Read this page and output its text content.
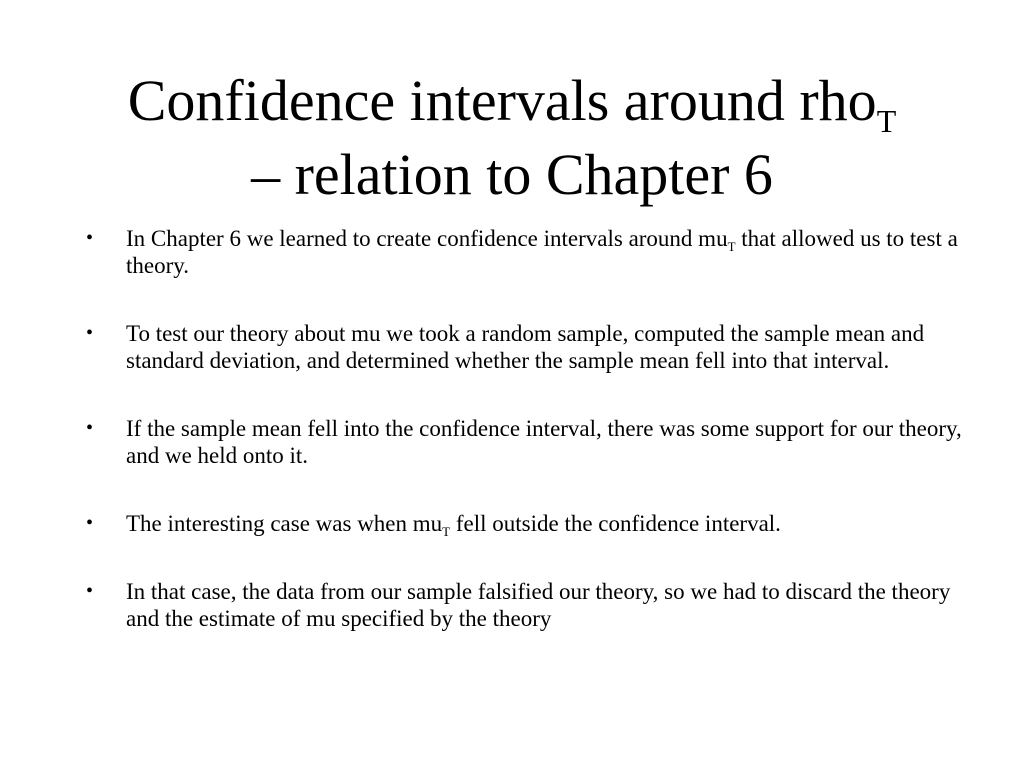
Confidence intervals around rho$_T$
– relation to Chapter 6
• In Chapter 6 we learned to create confidence intervals around $mu_T$ that allowed us to test a theory.
• To test our theory about mu we took a random sample, computed the sample mean and standard deviation, and determined whether the sample mean fell into that interval.
• If the sample mean fell into the confidence interval, there was some support for our theory, and we held onto it.
• The interesting case was when $mu_T$ fell outside the confidence interval.
• In that case, the data from our sample falsified our theory, so we had to discard the theory and the estimate of mu specified by the theory
